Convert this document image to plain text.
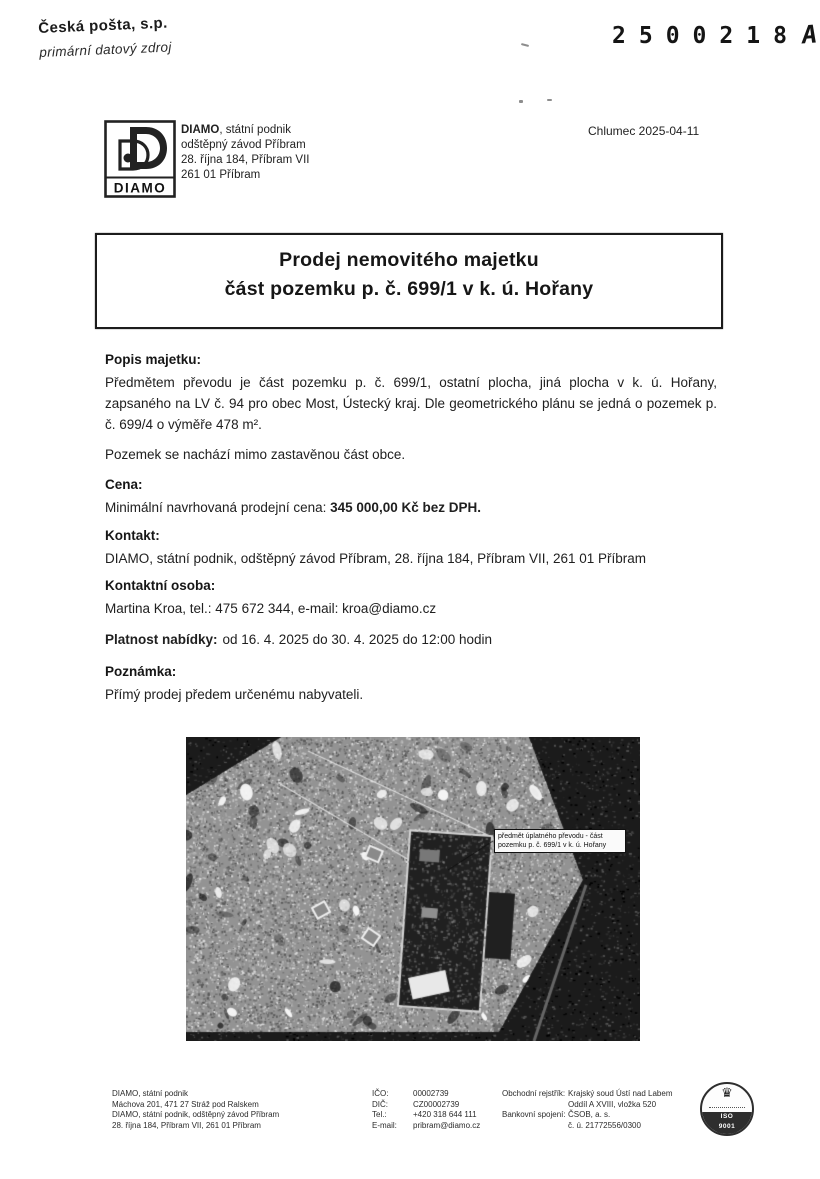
Česká pošta, s.p.
primární datový zdroj
2500218A
DIAMO
DIAMO, státní podnik
odštěpný závod Příbram
28. října 184, Příbram VII
261 01 Příbram
Chlumec 2025-04-11
Prodej nemovitého majetku
část pozemku p. č. 699/1 v k. ú. Hořany
Popis majetku:
Předmětem převodu je část pozemku p. č. 699/1, ostatní plocha, jiná plocha v k. ú. Hořany, zapsaného na LV č. 94 pro obec Most, Ústecký kraj. Dle geometrického plánu se jedná o pozemek p. č. 699/4 o výměře 478 m².
Pozemek se nachází mimo zastavěnou část obce.
Cena:
Minimální navrhovaná prodejní cena: 345 000,00 Kč bez DPH.
Kontakt:
DIAMO, státní podnik, odštěpný závod Příbram, 28. října 184, Příbram VII, 261 01 Příbram
Kontaktní osoba:
Martina Kroa, tel.: 475 672 344, e-mail: kroa@diamo.cz
Platnost nabídky: od 16. 4. 2025 do 30. 4. 2025 do 12:00 hodin
Poznámka:
Přímý prodej předem určenému nabyvateli.
předmět úplatného převodu - část
pozemku p. č. 699/1 v k. ú. Hořany
DIAMO, státní podnik
Máchova 201, 471 27 Stráž pod Ralskem
DIAMO, státní podnik, odštěpný závod Příbram
28. října 184, Příbram VII, 261 01 Příbram
IČO:	00002739
DIČ:	CZ00002739
Tel.:	+420 318 644 111
E-mail: pribram@diamo.cz
Obchodní rejstřík: Krajský soud Ústí nad Labem
Oddíl A XVIII, vložka 520
Bankovní spojení: ČSOB, a. s.
č. ú. 21772556/0300
♛
ISO
9001
